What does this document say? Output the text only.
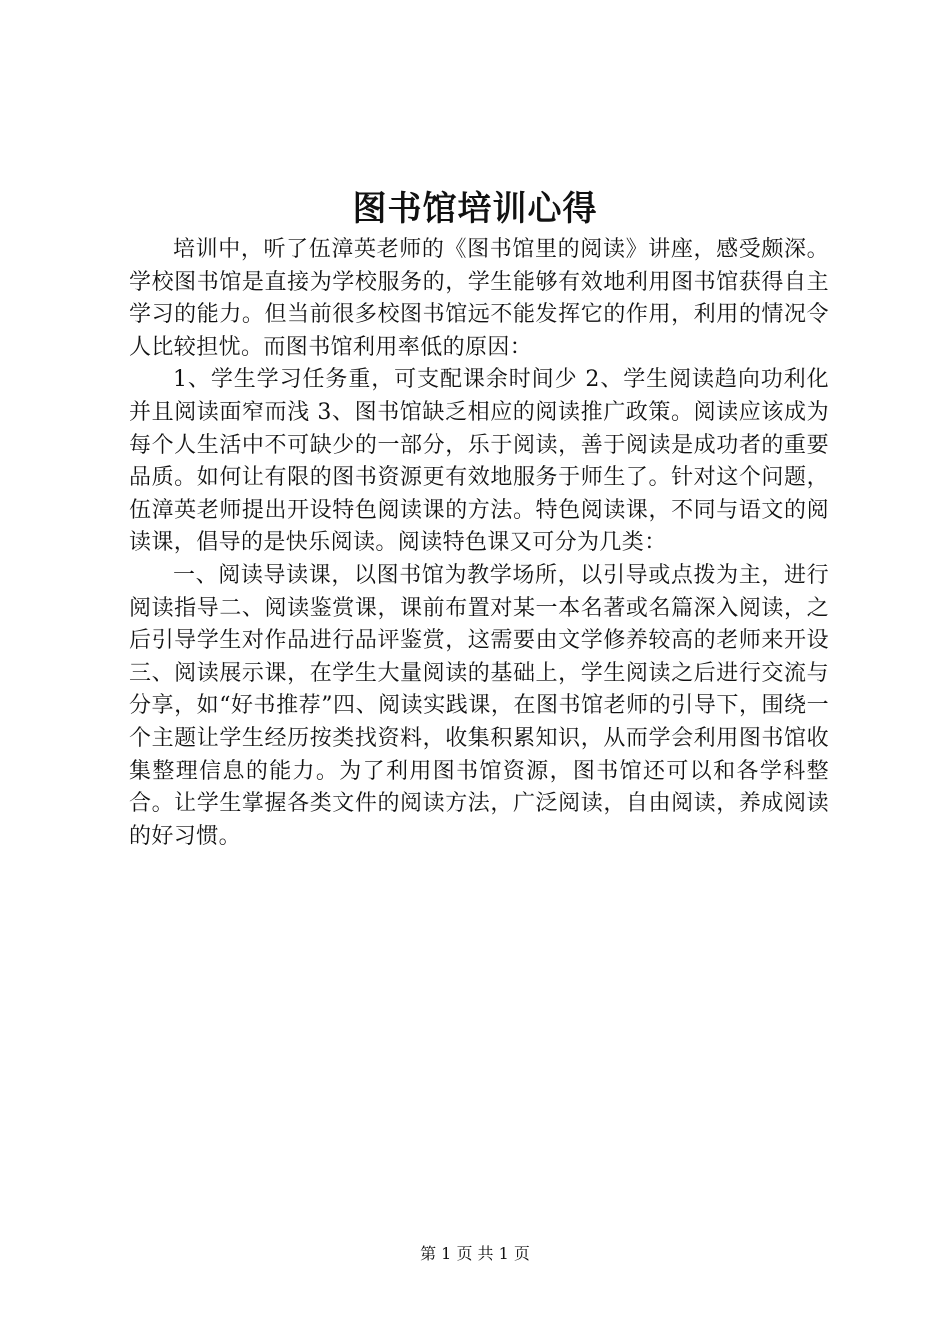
图书馆培训心得

培训中，听了伍漳英老师的《图书馆里的阅读》讲座，感受颇深。学校图书馆是直接为学校服务的，学生能够有效地利用图书馆获得自主学习的能力。但当前很多校图书馆远不能发挥它的作用，利用的情况令人比较担忧。而图书馆利用率低的原因：

1、学生学习任务重，可支配课余时间少 2、学生阅读趋向功利化并且阅读面窄而浅 3、图书馆缺乏相应的阅读推广政策。阅读应该成为每个人生活中不可缺少的一部分，乐于阅读，善于阅读是成功者的重要品质。如何让有限的图书资源更有效地服务于师生了。针对这个问题，伍漳英老师提出开设特色阅读课的方法。特色阅读课，不同与语文的阅读课，倡导的是快乐阅读。阅读特色课又可分为几类：

一、阅读导读课，以图书馆为教学场所，以引导或点拨为主，进行阅读指导二、阅读鉴赏课，课前布置对某一本名著或名篇深入阅读，之后引导学生对作品进行品评鉴赏，这需要由文学修养较高的老师来开设三、阅读展示课，在学生大量阅读的基础上，学生阅读之后进行交流与分享，如“好书推荐”四、阅读实践课，在图书馆老师的引导下，围绕一个主题让学生经历按类找资料，收集积累知识，从而学会利用图书馆收集整理信息的能力。为了利用图书馆资源，图书馆还可以和各学科整合。让学生掌握各类文件的阅读方法，广泛阅读，自由阅读，养成阅读的好习惯。

第 1 页 共 1 页
